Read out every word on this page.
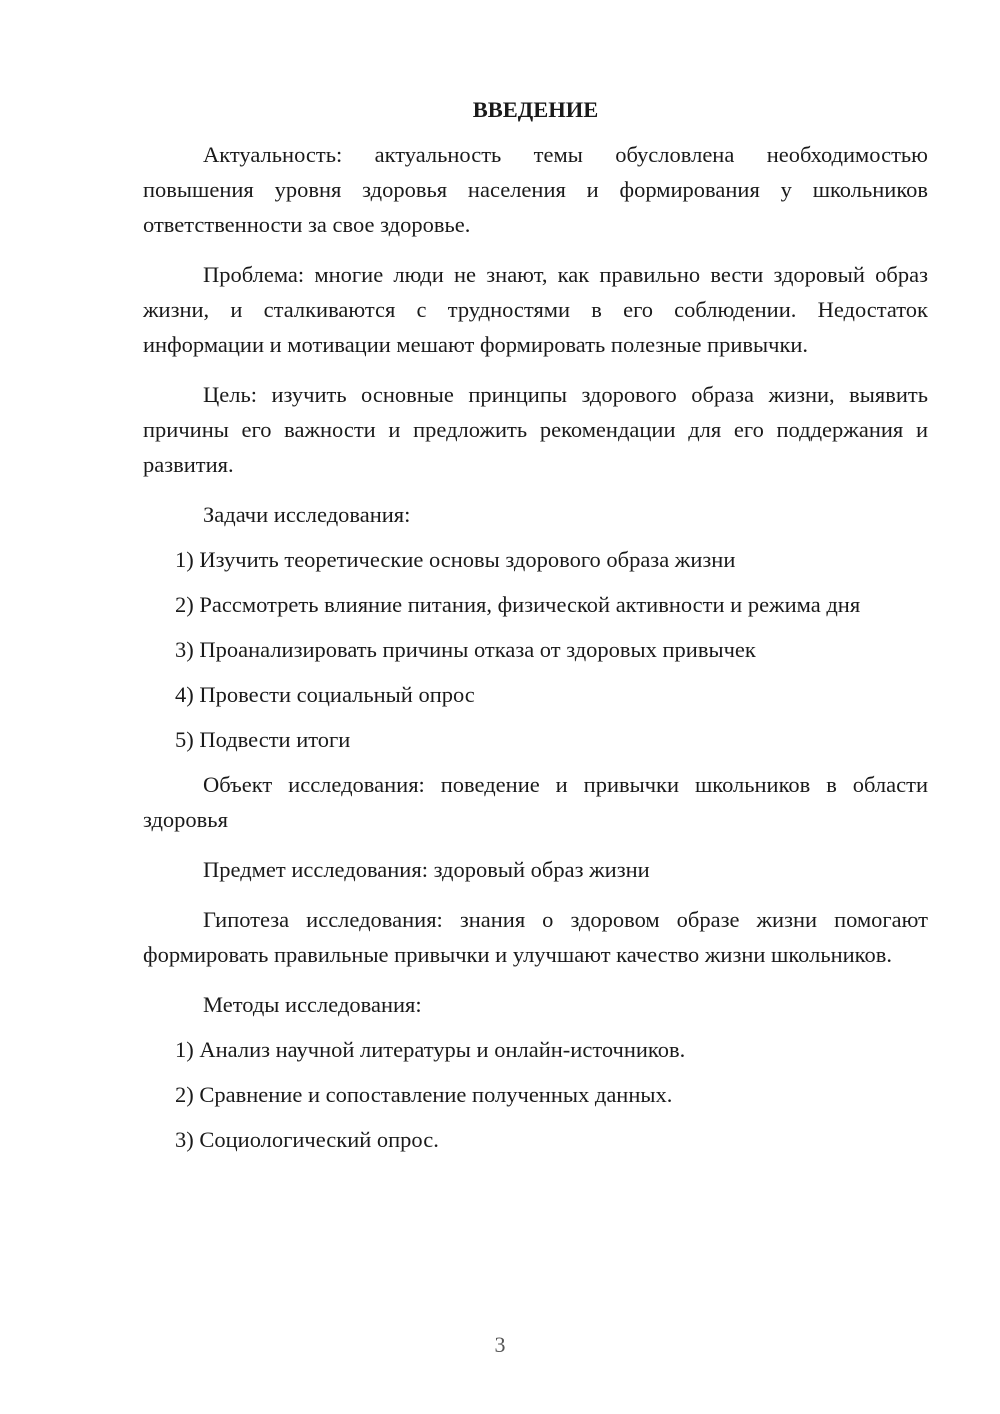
ВВЕДЕНИЕ

Актуальность: актуальность темы обусловлена необходимостью повышения уровня здоровья населения и формирования у школьников ответственности за свое здоровье.

Проблема: многие люди не знают, как правильно вести здоровый образ жизни, и сталкиваются с трудностями в его соблюдении. Недостаток информации и мотивации мешают формировать полезные привычки.

Цель: изучить основные принципы здорового образа жизни, выявить причины его важности и предложить рекомендации для его поддержания и развития.

Задачи исследования:

1) Изучить теоретические основы здорового образа жизни
2) Рассмотреть влияние питания, физической активности и режима дня
3) Проанализировать причины отказа от здоровых привычек
4) Провести социальный опрос
5) Подвести итоги

Объект исследования: поведение и привычки школьников в области здоровья

Предмет исследования: здоровый образ жизни

Гипотеза исследования: знания о здоровом образе жизни помогают формировать правильные привычки и улучшают качество жизни школьников.

Методы исследования:

1) Анализ научной литературы и онлайн-источников.
2) Сравнение и сопоставление полученных данных.
3) Социологический опрос.
3
